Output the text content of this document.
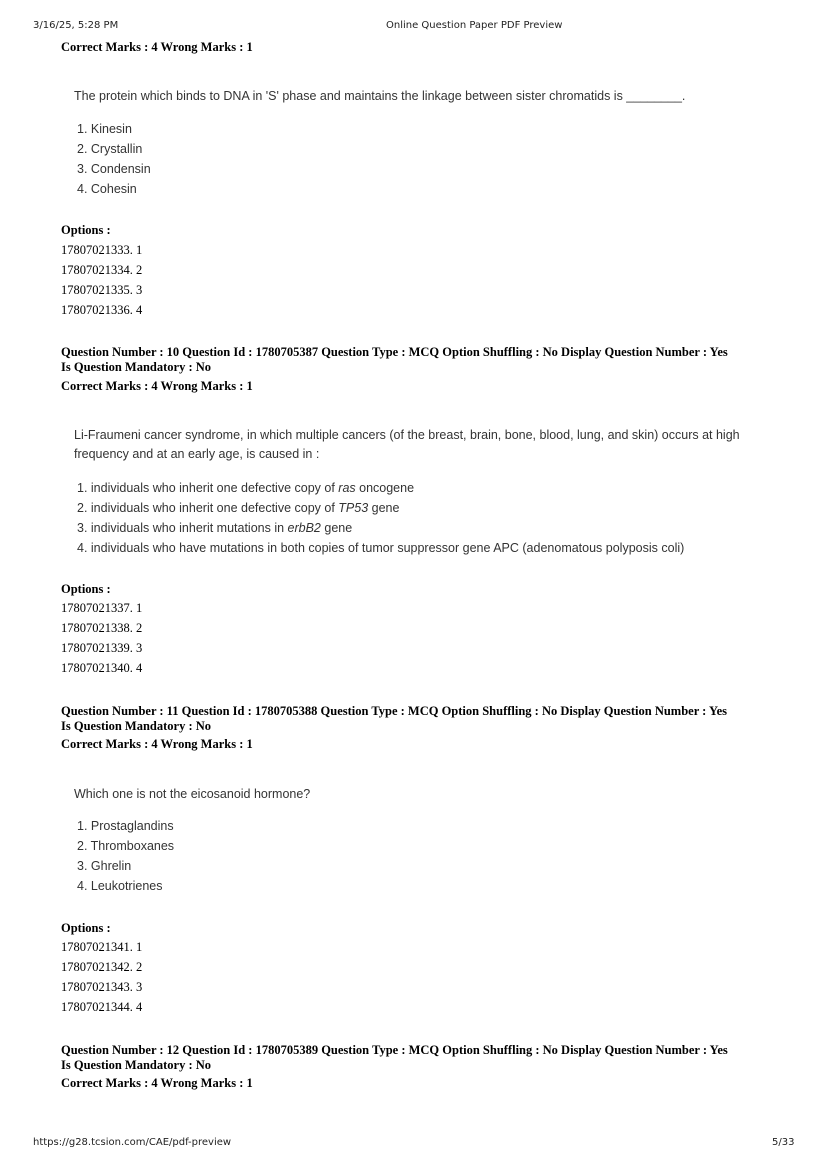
3/16/25, 5:28 PM	Online Question Paper PDF Preview
Correct Marks : 4 Wrong Marks : 1
The protein which binds to DNA in 'S' phase and maintains the linkage between sister chromatids is ________.
1. Kinesin
2. Crystallin
3. Condensin
4. Cohesin
Options :
17807021333. 1
17807021334. 2
17807021335. 3
17807021336. 4
Question Number : 10 Question Id : 1780705387 Question Type : MCQ Option Shuffling : No Display Question Number : Yes
Is Question Mandatory : No
Correct Marks : 4 Wrong Marks : 1
Li-Fraumeni cancer syndrome, in which multiple cancers (of the breast, brain, bone, blood, lung, and skin) occurs at high frequency and at an early age, is caused in :
1. individuals who inherit one defective copy of ras oncogene
2. individuals who inherit one defective copy of TP53 gene
3. individuals who inherit mutations in erbB2 gene
4. individuals who have mutations in both copies of tumor suppressor gene APC (adenomatous polyposis coli)
Options :
17807021337. 1
17807021338. 2
17807021339. 3
17807021340. 4
Question Number : 11 Question Id : 1780705388 Question Type : MCQ Option Shuffling : No Display Question Number : Yes
Is Question Mandatory : No
Correct Marks : 4 Wrong Marks : 1
Which one is not the eicosanoid hormone?
1. Prostaglandins
2. Thromboxanes
3. Ghrelin
4. Leukotrienes
Options :
17807021341. 1
17807021342. 2
17807021343. 3
17807021344. 4
Question Number : 12 Question Id : 1780705389 Question Type : MCQ Option Shuffling : No Display Question Number : Yes
Is Question Mandatory : No
Correct Marks : 4 Wrong Marks : 1
https://g28.tcsion.com/CAE/pdf-preview	5/33
